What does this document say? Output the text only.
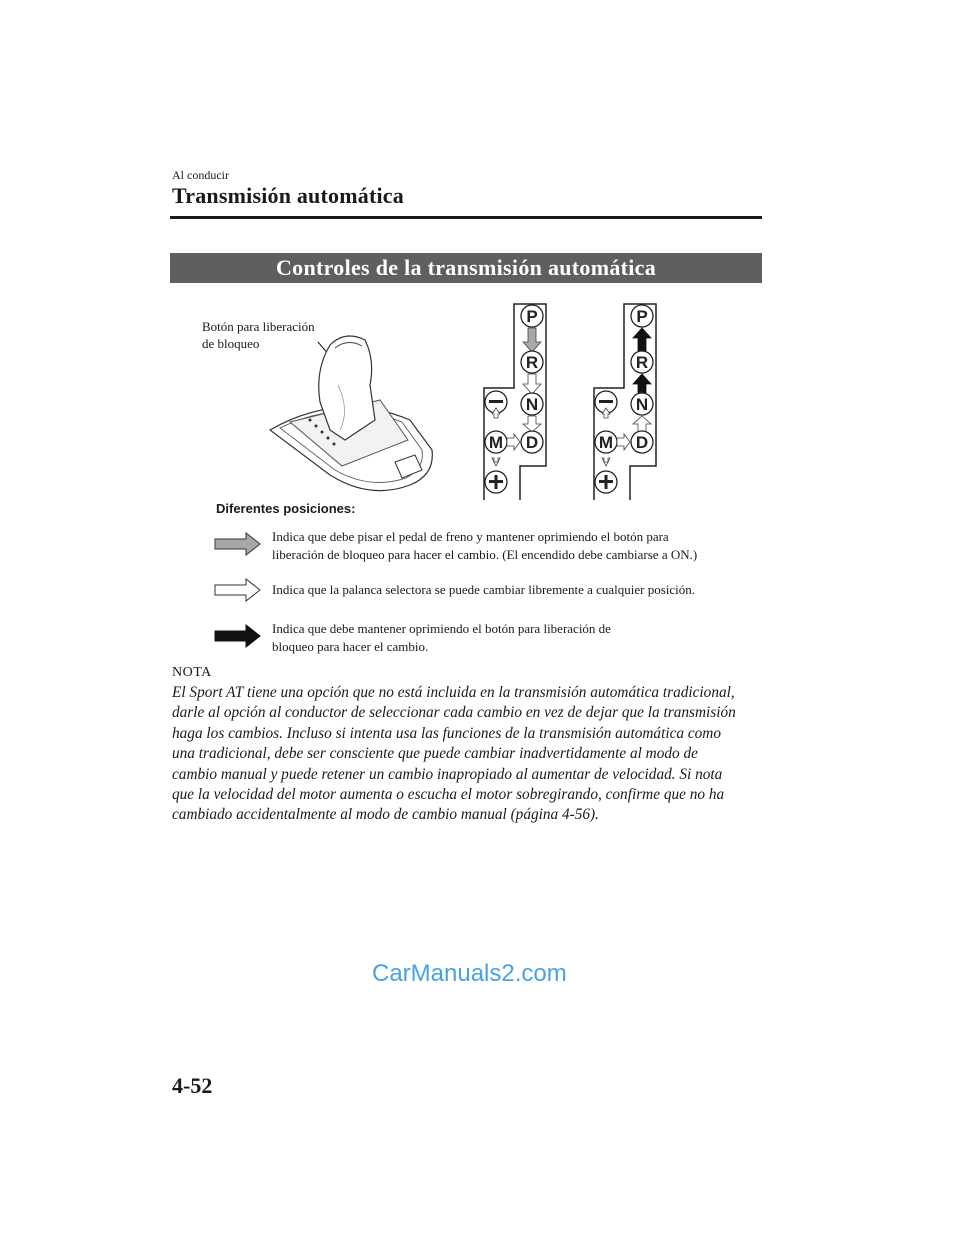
Al conducir
Transmisión automática
Controles de la transmisión automática
Botón para liberación
de bloqueo
P
R
N
D
M
P
R
N
D
M
Diferentes posiciones:
Indica que debe pisar el pedal de freno y mantener oprimiendo el botón para
liberación de bloqueo para hacer el cambio. (El encendido debe cambiarse a ON.)
Indica que la palanca selectora se puede cambiar libremente a cualquier posición.
Indica que debe mantener oprimiendo el botón para liberación de
bloqueo para hacer el cambio.
NOTA
El Sport AT tiene una opción que no está incluida en la transmisión automática tradicional,
darle al opción al conductor de seleccionar cada cambio en vez de dejar que la transmisión
haga los cambios. Incluso si intenta usa las funciones de la transmisión automática como
una tradicional, debe ser consciente que puede cambiar inadvertidamente al modo de
cambio manual y puede retener un cambio inapropiado al aumentar de velocidad. Si nota
que la velocidad del motor aumenta o escucha el motor sobregirando, confirme que no ha
cambiado accidentalmente al modo de cambio manual (página 4-56).
CarManuals2.com
4-52
